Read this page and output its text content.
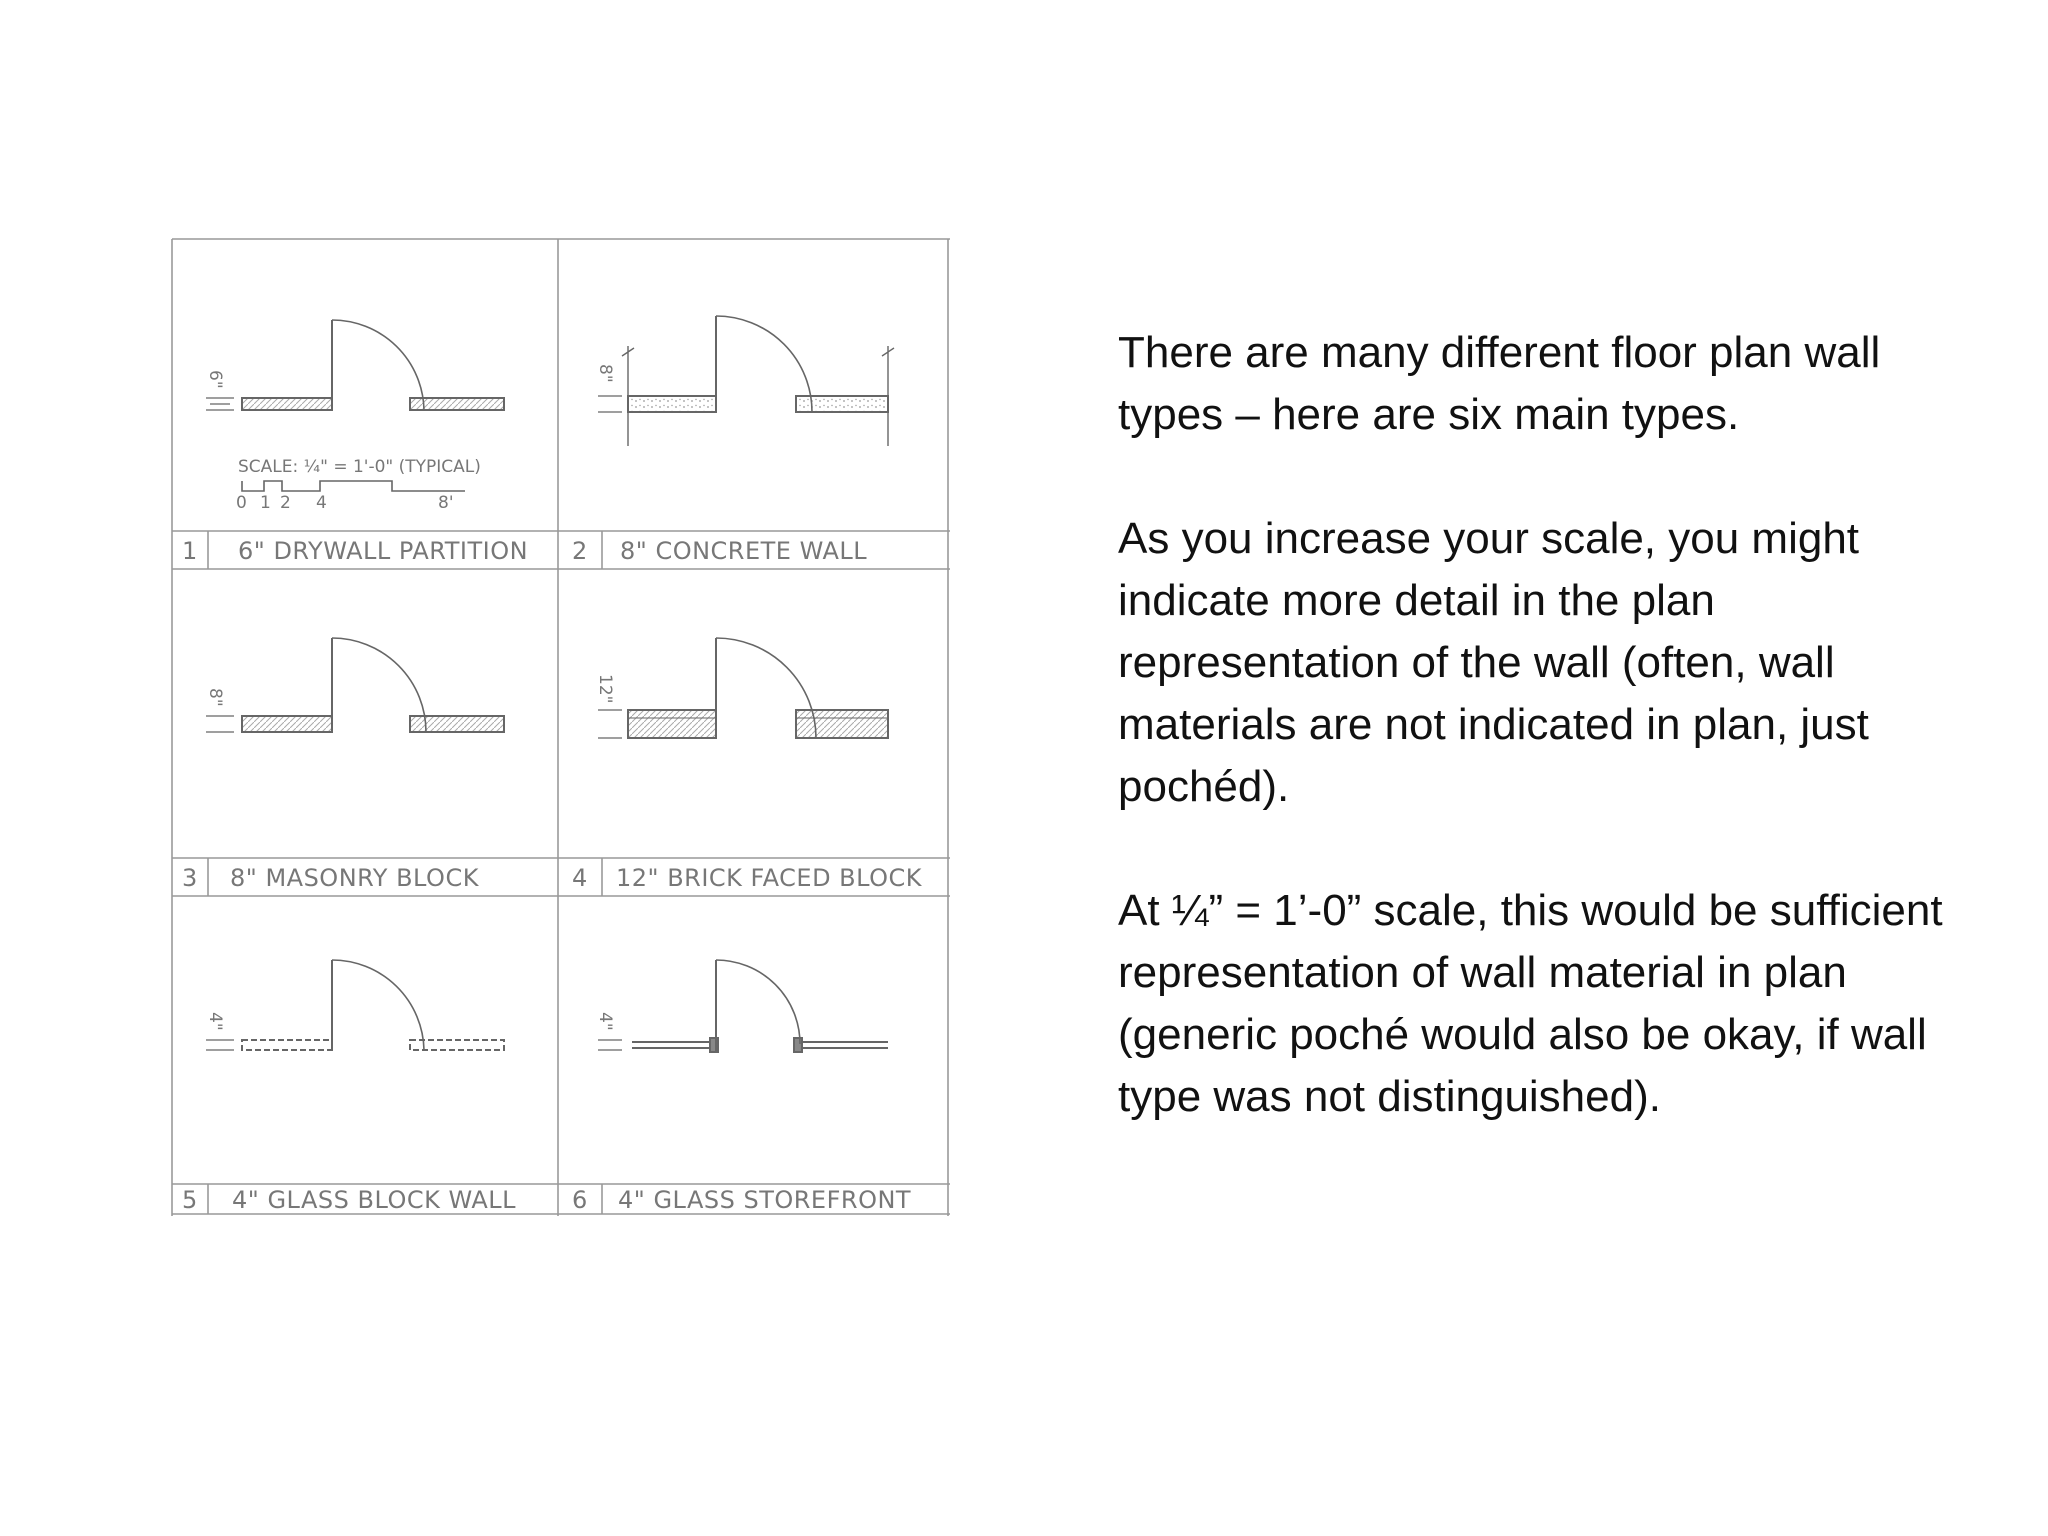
6"
SCALE: ¼" = 1'-0" (TYPICAL)
0 1 2 4	8'
8"
8"	12"
4"	4"
1 6" DRYWALL PARTITION 2 8" CONCRETE WALL
3 8" MASONRY BLOCK	4 12" BRICK FACED BLOCK
5 4" GLASS BLOCK WALL 6 4" GLASS STOREFRONT

There are many different floor plan wall types – here are six main types.

As you increase your scale, you might indicate more detail in the plan representation of the wall (often, wall materials are not indicated in plan, just pochéd).

At ¼” = 1’-0” scale, this would be sufficient representation of wall material in plan (generic poché would also be okay, if wall type was not distinguished).
